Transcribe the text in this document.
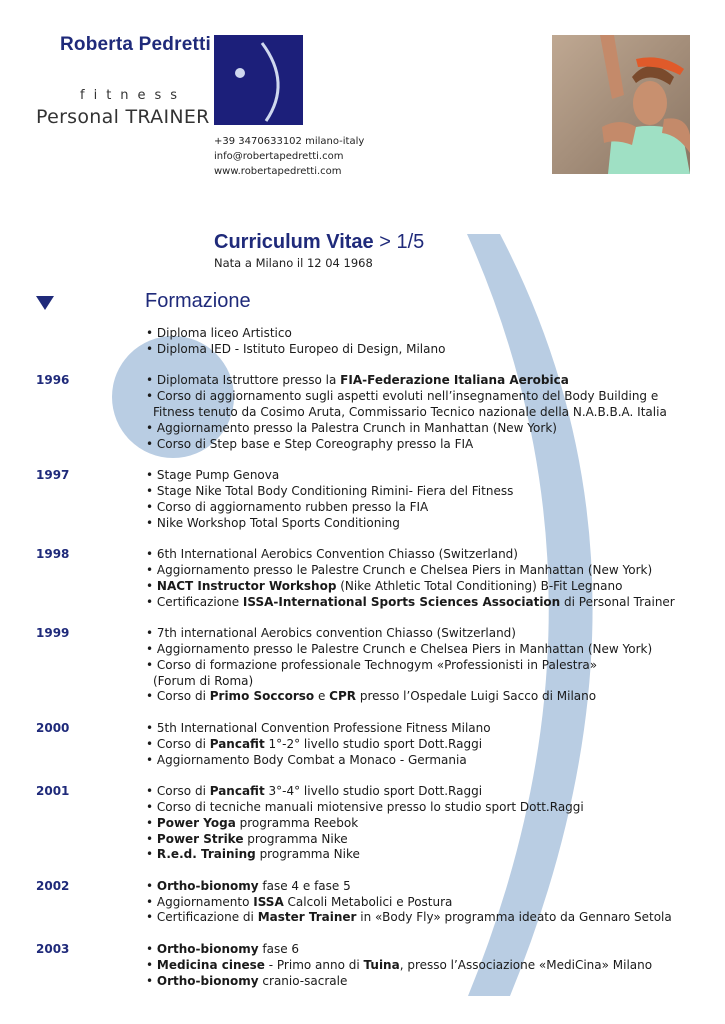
Roberta Pedretti
fitness
Personal TRAINER
+39 3470633102 milano-italy
info@robertapedretti.com
www.robertapedretti.com
Curriculum Vitae > 1/5
Nata a Milano il 12 04 1968
Formazione
• Diploma liceo Artistico
• Diploma IED - Istituto Europeo di Design, Milano
1996	• Diplomata Istruttore presso la FIA-Federazione Italiana Aerobica
• Corso di aggiornamento sugli aspetti evoluti nell’insegnamento del Body Building e
Fitness tenuto da Cosimo Aruta, Commissario Tecnico nazionale della N.A.B.B.A. Italia
• Aggiornamento presso la Palestra Crunch in Manhattan (New York)
• Corso di Step base e Step Coreography presso la FIA
1997	• Stage Pump Genova
• Stage Nike Total Body Conditioning Rimini- Fiera del Fitness
• Corso di aggiornamento rubben presso la FIA
• Nike Workshop Total Sports Conditioning
1998	• 6th International Aerobics Convention Chiasso (Switzerland)
• Aggiornamento presso le Palestre Crunch e Chelsea Piers in Manhattan (New York)
• NACT Instructor Workshop (Nike Athletic Total Conditioning) B-Fit Legnano
• Certificazione ISSA-International Sports Sciences Association di Personal Trainer
1999	• 7th international Aerobics convention Chiasso (Switzerland)
• Aggiornamento presso le Palestre Crunch e Chelsea Piers in Manhattan (New York)
• Corso di formazione professionale Technogym «Professionisti in Palestra»
(Forum di Roma)
• Corso di Primo Soccorso e CPR presso l’Ospedale Luigi Sacco di Milano
2000	• 5th International Convention Professione Fitness Milano
• Corso di Pancafit 1°-2° livello studio sport Dott.Raggi
• Aggiornamento Body Combat a Monaco - Germania
2001	• Corso di Pancafit 3°-4° livello studio sport Dott.Raggi
• Corso di tecniche manuali miotensive presso lo studio sport Dott.Raggi
• Power Yoga programma Reebok
• Power Strike programma Nike
• R.e.d. Training programma Nike
2002	• Ortho-bionomy fase 4 e fase 5
• Aggiornamento ISSA Calcoli Metabolici e Postura
• Certificazione di Master Trainer in «Body Fly» programma ideato da Gennaro Setola
2003	• Ortho-bionomy fase 6
• Medicina cinese - Primo anno di Tuina, presso l’Associazione «MediCina» Milano
• Ortho-bionomy cranio-sacrale
